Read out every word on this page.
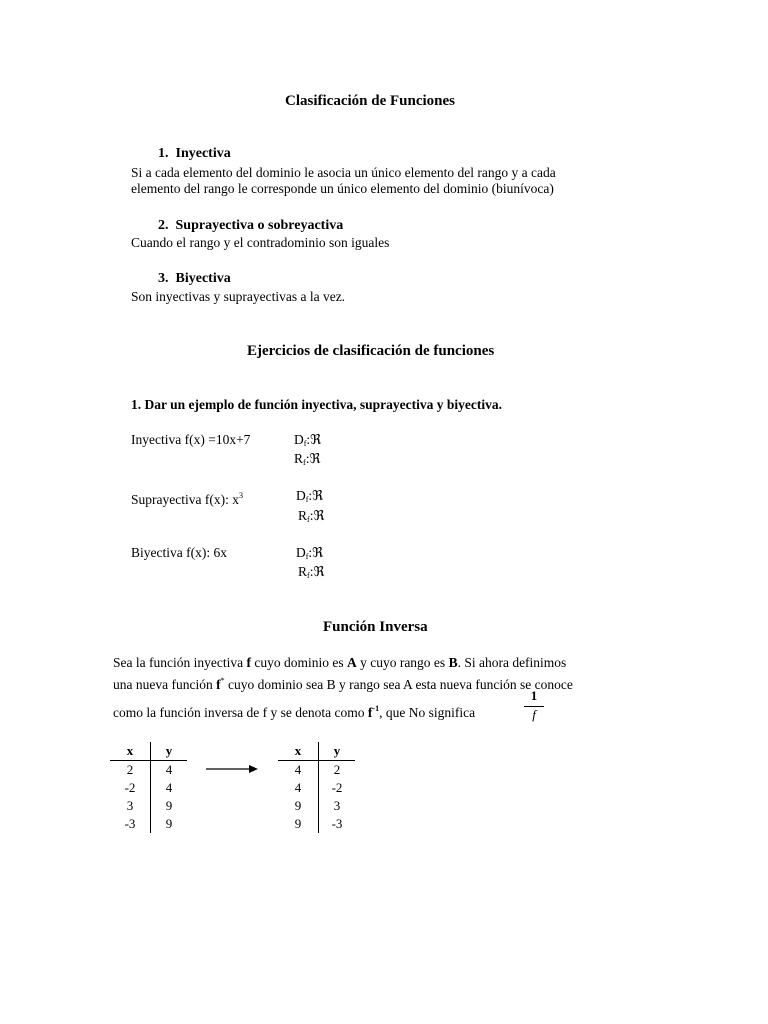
Clasificación de Funciones
1. Inyectiva
Si a cada elemento del dominio le asocia un único elemento del rango y a cada
elemento del rango le corresponde un único elemento del dominio (biunívoca)
2. Suprayectiva o sobreyactiva
Cuando el rango y el contradominio son iguales
3. Biyectiva
Son inyectivas y suprayectivas a la vez.
Ejercicios de clasificación de funciones
1. Dar un ejemplo de función inyectiva, suprayectiva y biyectiva.
Inyectiva f(x) =10x+7	$D_f:ℜ$
$R_f:ℜ$
Suprayectiva f(x): $x^3$	$D_f:ℜ$
$R_f:ℜ$
Biyectiva f(x): 6x	$D_f:ℜ$
$R_f:ℜ$
Función Inversa
Sea la función inyectiva f cuyo dominio es A y cuyo rango es B. Si ahora definimos
una nueva función f* cuyo dominio sea B y rango sea A esta nueva función se conoce
como la función inversa de f y se denota como $f^{-1}$, que No significa
1
f
x	y
2	4
-2	4
3	9
-3	9
x	y
4	2
4	-2
9	3
9	-3
